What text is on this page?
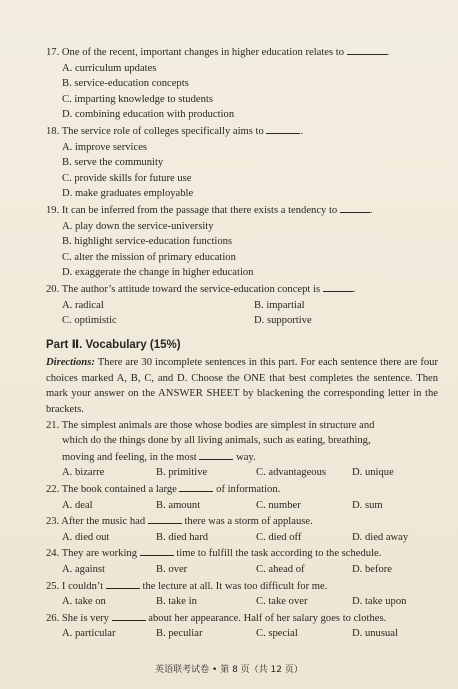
17. One of the recent, important changes in higher education relates to	.
A. curriculum updates
B. service-education concepts
C. imparting knowledge to students
D. combining education with production
18. The service role of colleges specifically aims to	.
A. improve services
B. serve the community
C. provide skills for future use
D. make graduates employable
19. It can be inferred from the passage that there exists a tendency to	.
A. play down the service-university
B. highlight service-education functions
C. alter the mission of primary education
D. exaggerate the change in higher education
20. The author’s attitude toward the service-education concept is	.
A. radical	B. impartial
C. optimistic	D. supportive
Part Ⅱ. Vocabulary (15%)
Directions: There are 30 incomplete sentences in this part. For each sentence there are four choices marked A, B, C, and D. Choose the ONE that best completes the sentence. Then mark your answer on the ANSWER SHEET by blackening the corresponding letter in the brackets.
21. The simplest animals are those whose bodies are simplest in structure and
which do the things done by all living animals, such as eating, breathing,
moving and feeling, in the most	way.
A. bizarre	B. primitive	C. advantageous	D. unique
22. The book contained a large	of information.
A. deal	B. amount	C. number	D. sum
23. After the music had	there was a storm of applause.
A. died out	B. died hard	C. died off	D. died away
24. They are working	time to fulfill the task according to the schedule.
A. against	B. over	C. ahead of	D. before
25. I couldn’t	the lecture at all. It was too difficult for me.
A. take on	B. take in	C. take over	D. take upon
26. She is very	about her appearance. Half of her salary goes to clothes.
A. particular	B. peculiar	C. special	D. unusual
英语联考试卷 • 第 8 页（共 12 页）
